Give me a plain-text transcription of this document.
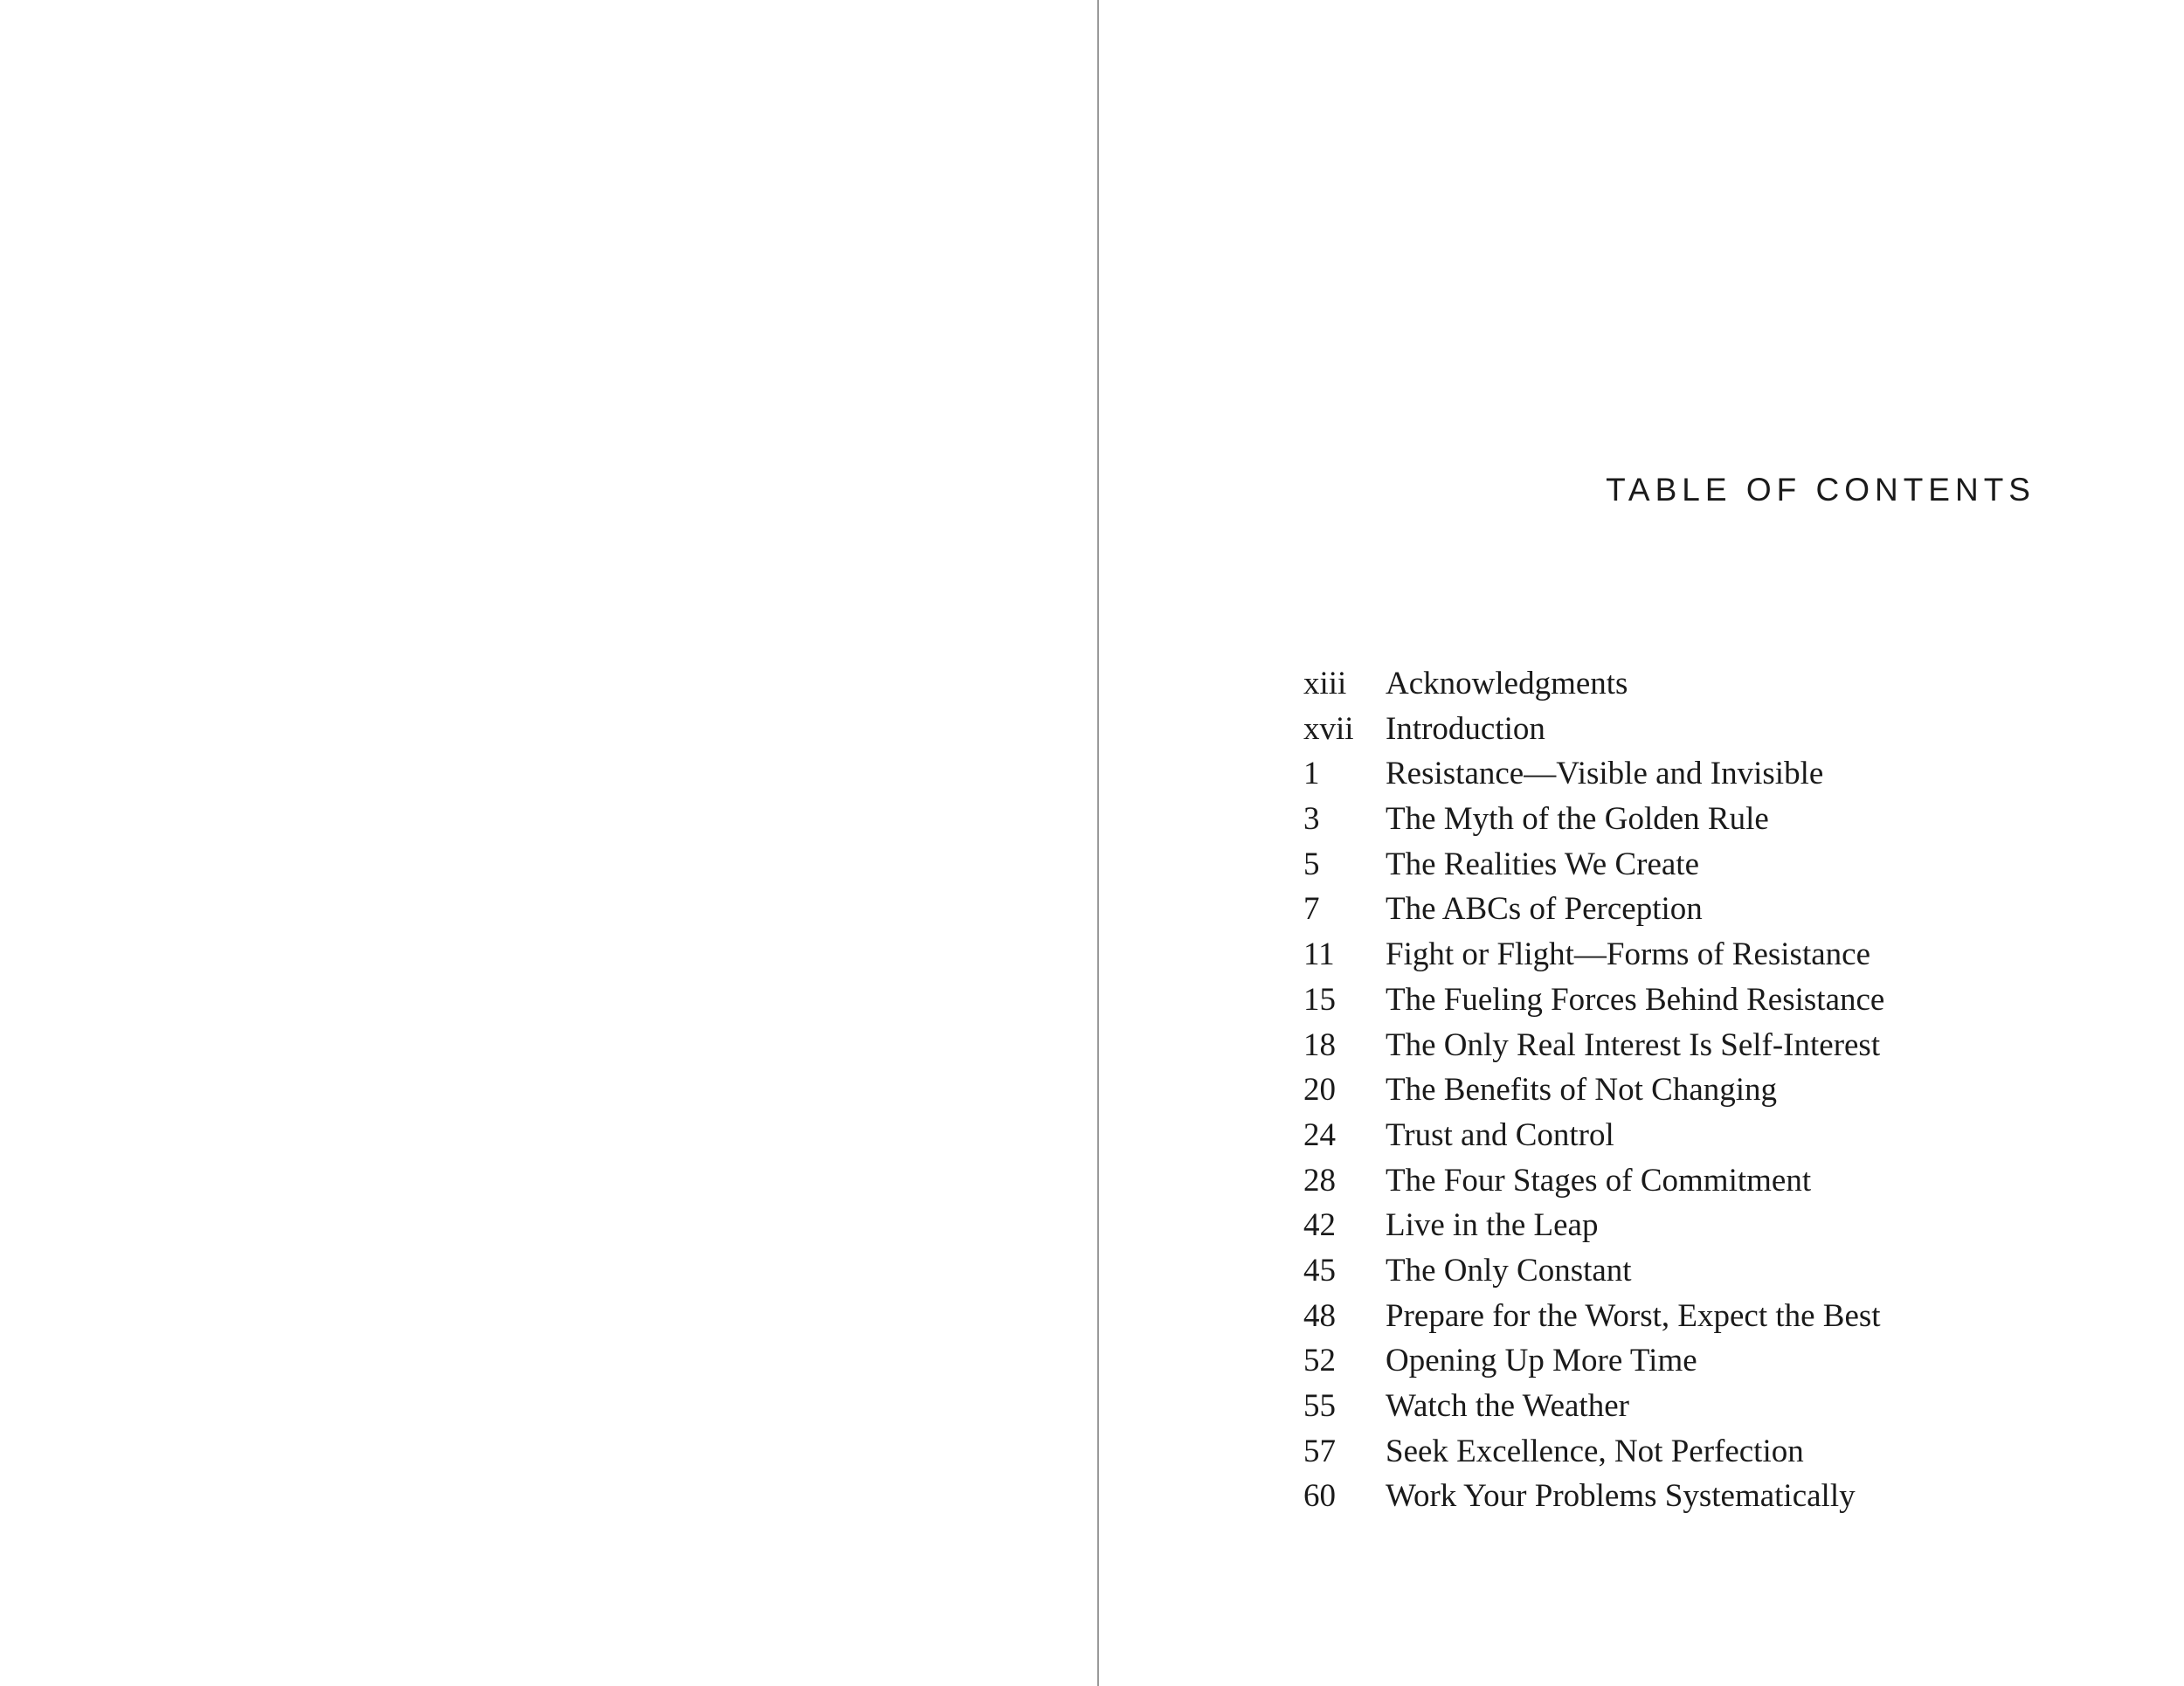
TABLE OF CONTENTS
xiii	Acknowledgments
xvii Introduction
1	Resistance—Visible and Invisible
3	The Myth of the Golden Rule
5	The Realities We Create
7	The ABCs of Perception
11	Fight or Flight—Forms of Resistance
15	The Fueling Forces Behind Resistance
18	The Only Real Interest Is Self-Interest
20	The Benefits of Not Changing
24	Trust and Control
28	The Four Stages of Commitment
42	Live in the Leap
45	The Only Constant
48	Prepare for the Worst, Expect the Best
52	Opening Up More Time
55	Watch the Weather
57	Seek Excellence, Not Perfection
60	Work Your Problems Systematically
